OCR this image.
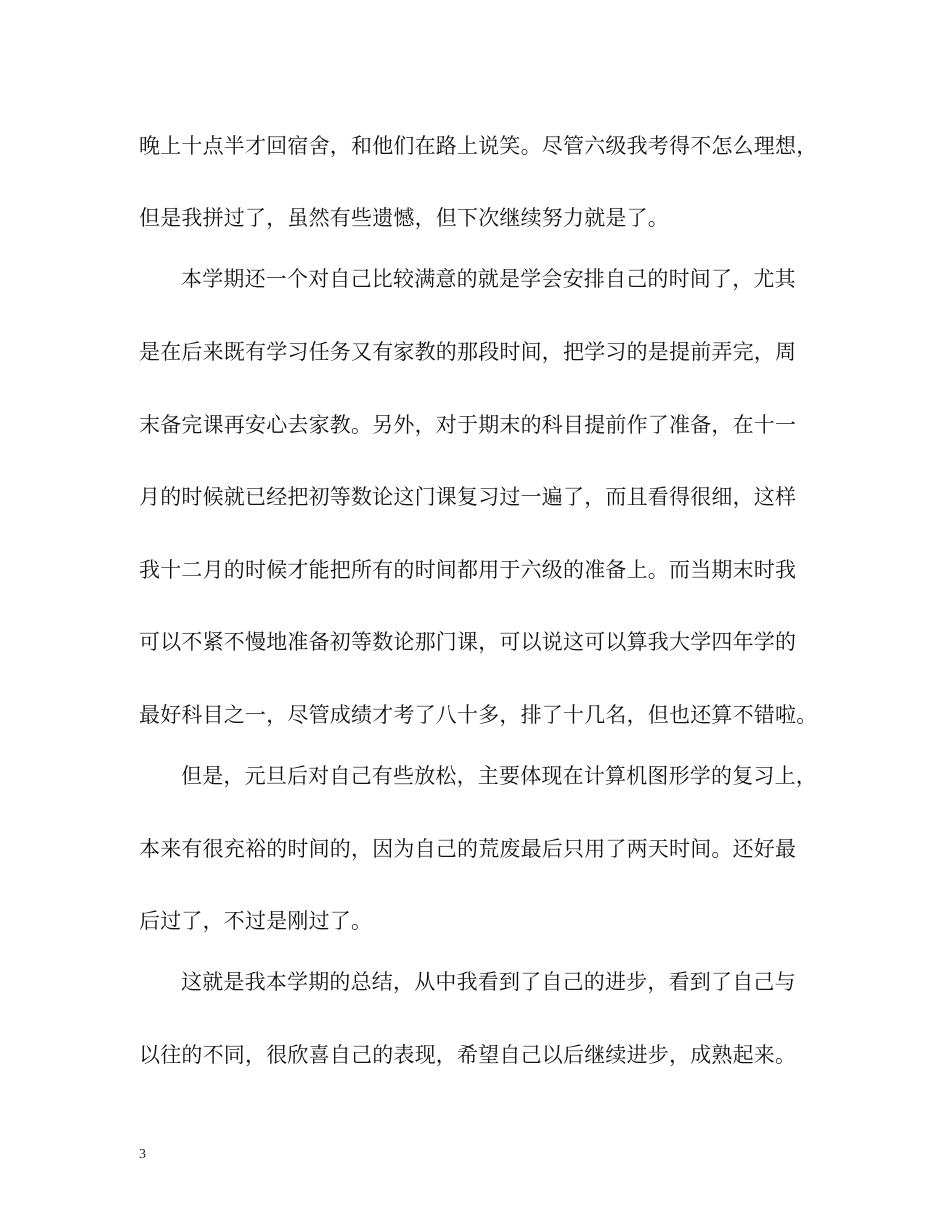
晚上十点半才回宿舍，和他们在路上说笑。尽管六级我考得不怎么理想，
但是我拼过了，虽然有些遗憾，但下次继续努力就是了。
本学期还一个对自己比较满意的就是学会安排自己的时间了，尤其
是在后来既有学习任务又有家教的那段时间，把学习的是提前弄完，周
末备完课再安心去家教。另外，对于期末的科目提前作了准备，在十一
月的时候就已经把初等数论这门课复习过一遍了，而且看得很细，这样
我十二月的时候才能把所有的时间都用于六级的准备上。而当期末时我
可以不紧不慢地准备初等数论那门课，可以说这可以算我大学四年学的
最好科目之一，尽管成绩才考了八十多，排了十几名，但也还算不错啦。
但是，元旦后对自己有些放松，主要体现在计算机图形学的复习上，
本来有很充裕的时间的，因为自己的荒废最后只用了两天时间。还好最
后过了，不过是刚过了。
这就是我本学期的总结，从中我看到了自己的进步，看到了自己与
以往的不同，很欣喜自己的表现，希望自己以后继续进步，成熟起来。
3
